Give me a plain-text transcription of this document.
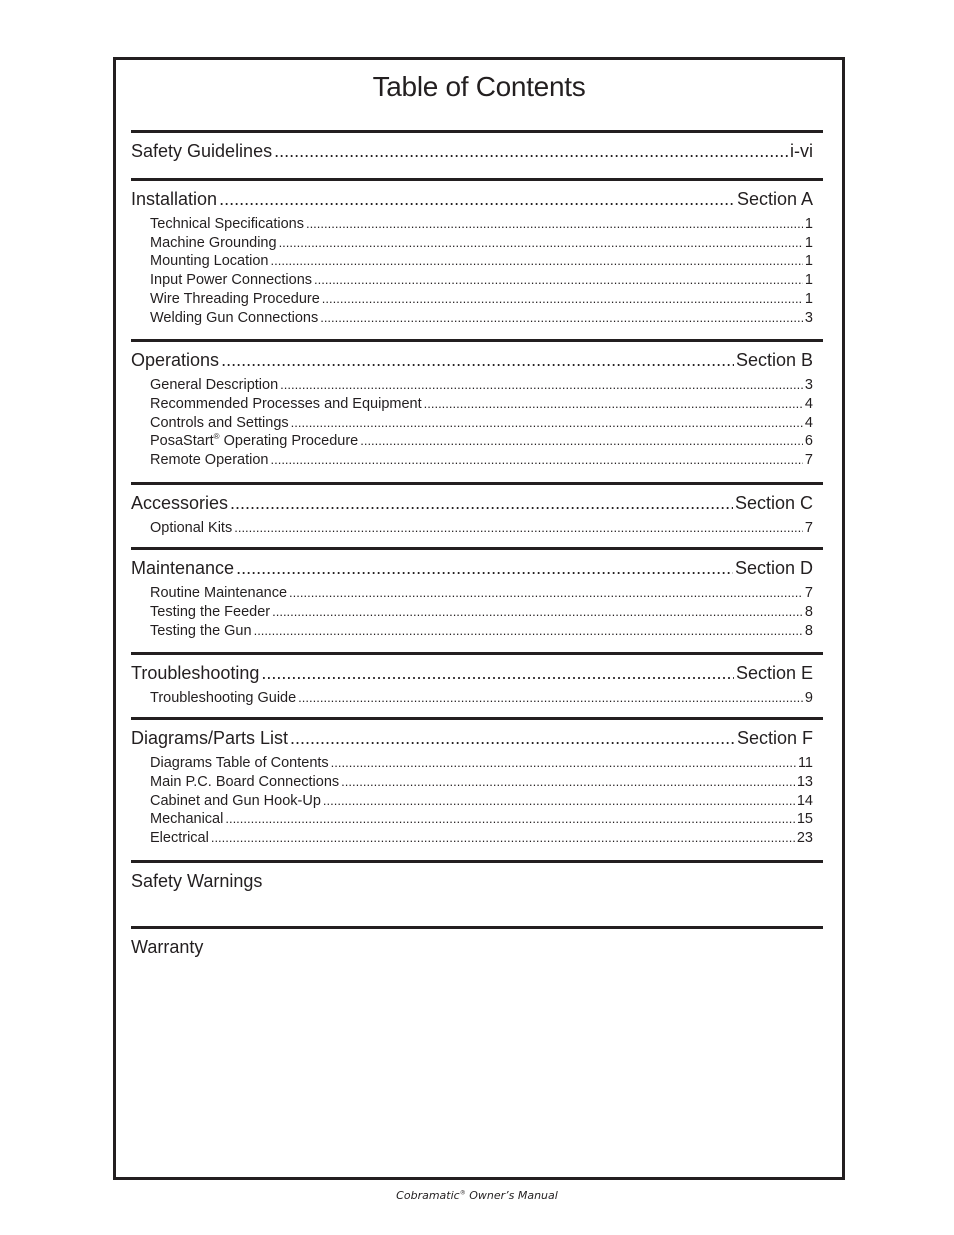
Table of Contents
Safety Guidelines .....	i-vi
Installation .....	Section A
Technical Specifications .....	1
Machine Grounding .....	1
Mounting Location .....	1
Input Power Connections .....	1
Wire Threading Procedure .....	1
Welding Gun Connections .....	3
Operations .....	Section B
General Description .....	3
Recommended Processes and Equipment .....	4
Controls and Settings .....	4
PosaStart® Operating Procedure .....	6
Remote Operation .....	7
Accessories .....	Section C
Optional Kits .....	7
Maintenance .....	Section D
Routine Maintenance .....	7
Testing the Feeder .....	8
Testing the Gun .....	8
Troubleshooting .....	Section E
Troubleshooting Guide .....	9
Diagrams/Parts List .....	Section F
Diagrams Table of Contents .....	11
Main P.C. Board Connections .....	13
Cabinet and Gun Hook-Up .....	14
Mechanical .....	15
Electrical .....	23
Safety Warnings
Warranty
Cobramatic® Owner’s Manual
